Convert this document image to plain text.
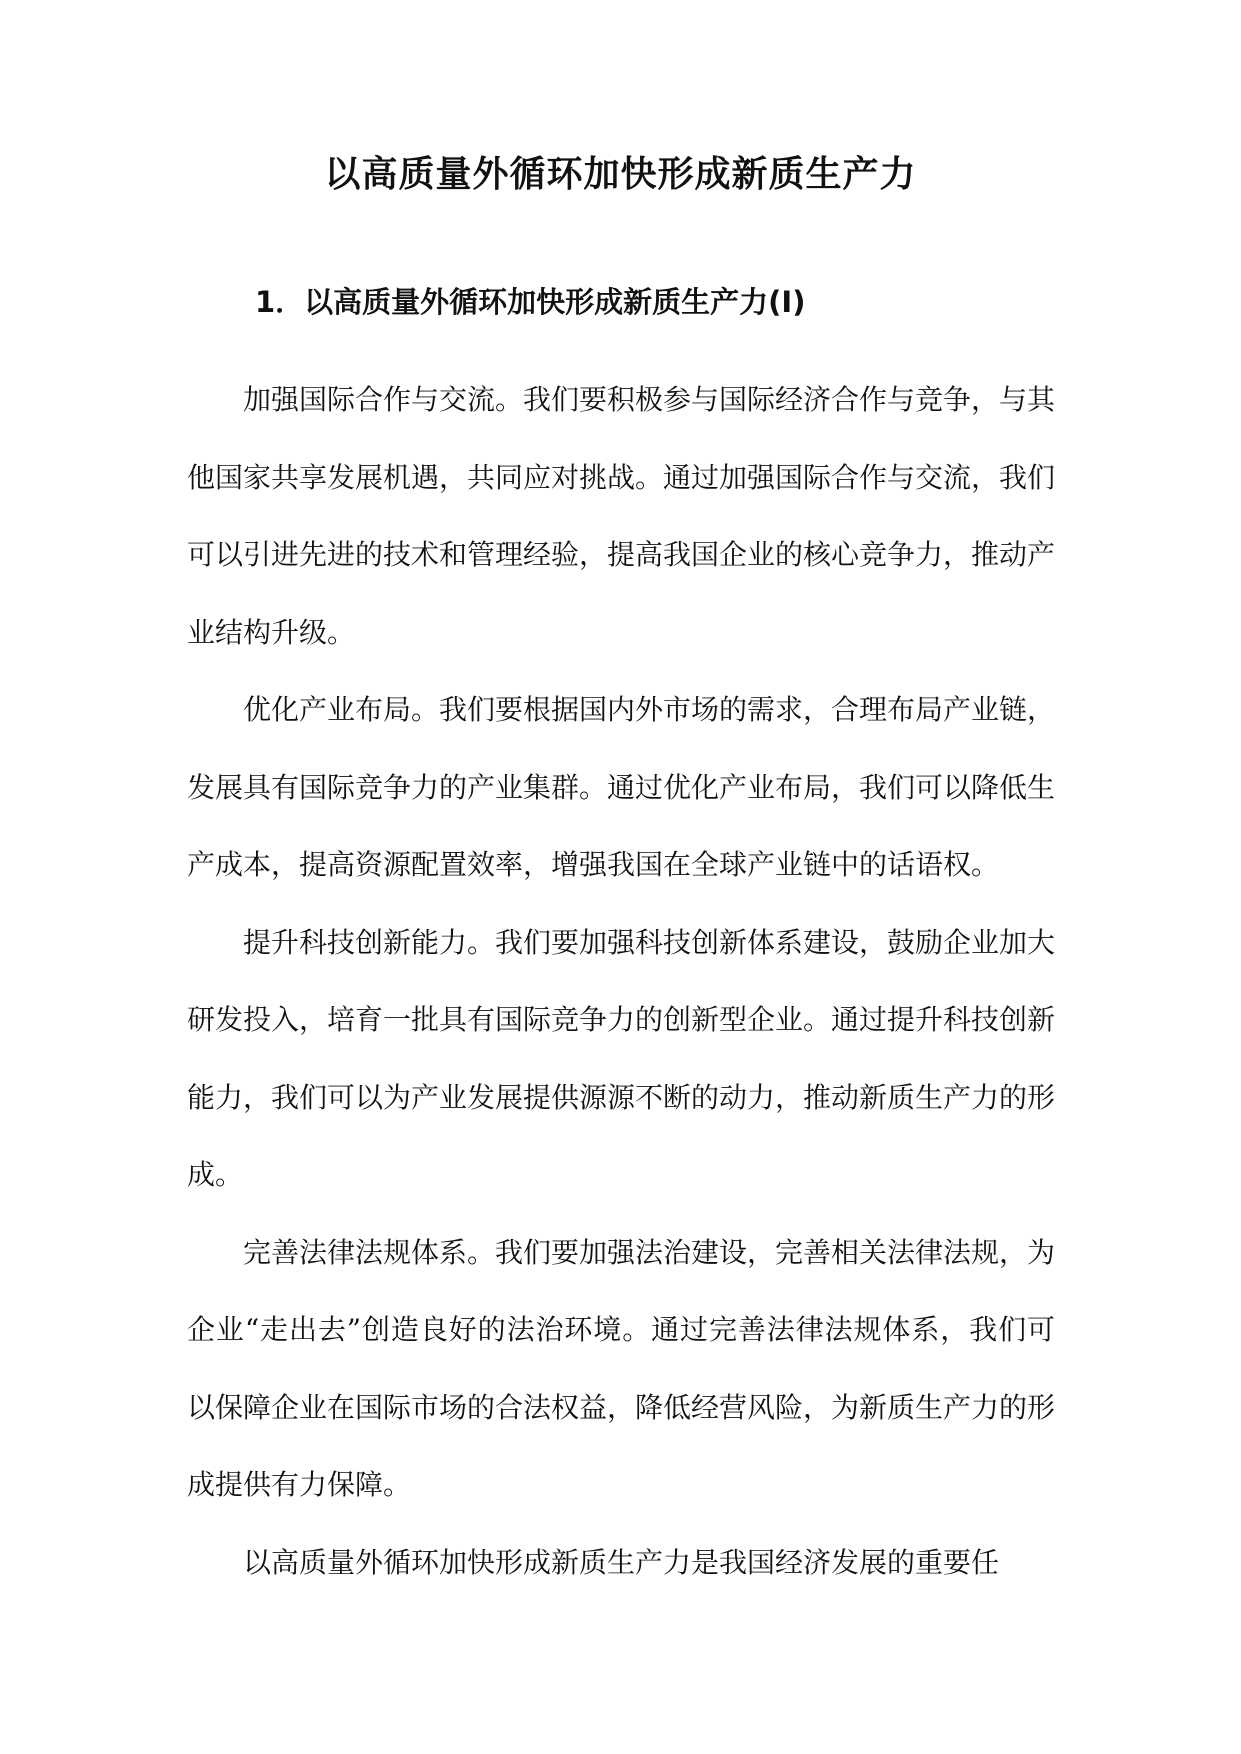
以高质量外循环加快形成新质生产力
1．以高质量外循环加快形成新质生产力(I)

加强国际合作与交流。我们要积极参与国际经济合作与竞争，与其他国家共享发展机遇，共同应对挑战。通过加强国际合作与交流，我们可以引进先进的技术和管理经验，提高我国企业的核心竞争力，推动产业结构升级。

优化产业布局。我们要根据国内外市场的需求，合理布局产业链，发展具有国际竞争力的产业集群。通过优化产业布局，我们可以降低生产成本，提高资源配置效率，增强我国在全球产业链中的话语权。

提升科技创新能力。我们要加强科技创新体系建设，鼓励企业加大研发投入，培育一批具有国际竞争力的创新型企业。通过提升科技创新能力，我们可以为产业发展提供源源不断的动力，推动新质生产力的形成。

完善法律法规体系。我们要加强法治建设，完善相关法律法规，为企业“走出去”创造良好的法治环境。通过完善法律法规体系，我们可以保障企业在国际市场的合法权益，降低经营风险，为新质生产力的形成提供有力保障。

以高质量外循环加快形成新质生产力是我国经济发展的重要任
